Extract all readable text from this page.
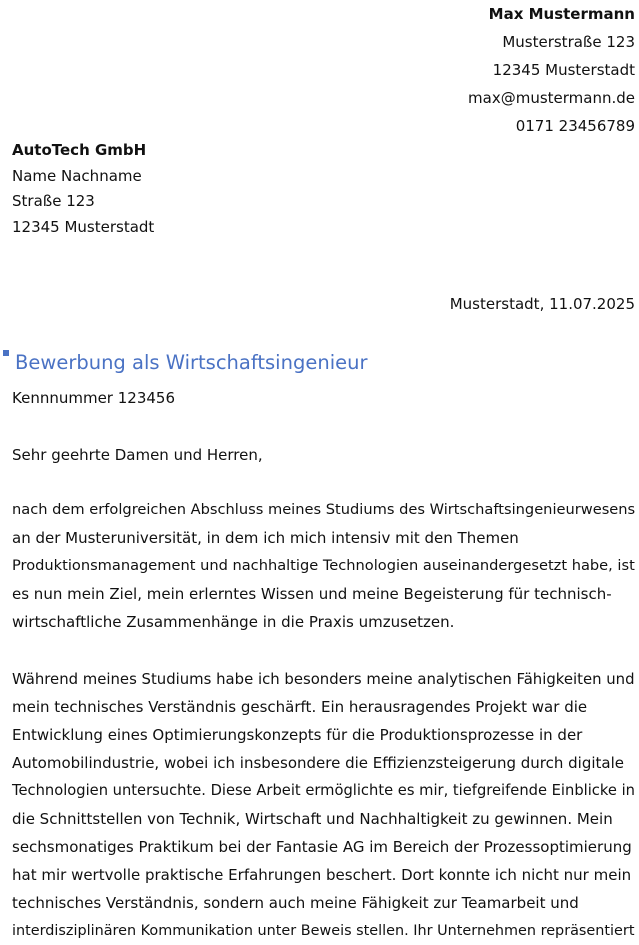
Max Mustermann
Musterstraße 123
12345 Musterstadt
max@mustermann.de
0171 23456789
AutoTech GmbH
Name Nachname
Straße 123
12345 Musterstadt
Musterstadt, 11.07.2025
Bewerbung als Wirtschaftsingenieur
Kennnummer 123456
Sehr geehrte Damen und Herren,
nach dem erfolgreichen Abschluss meines Studiums des Wirtschaftsingenieurwesens
an der Musteruniversität, in dem ich mich intensiv mit den Themen
Produktionsmanagement und nachhaltige Technologien auseinandergesetzt habe, ist
es nun mein Ziel, mein erlerntes Wissen und meine Begeisterung für technisch-
wirtschaftliche Zusammenhänge in die Praxis umzusetzen.
Während meines Studiums habe ich besonders meine analytischen Fähigkeiten und
mein technisches Verständnis geschärft. Ein herausragendes Projekt war die
Entwicklung eines Optimierungskonzepts für die Produktionsprozesse in der
Automobilindustrie, wobei ich insbesondere die Effizienzsteigerung durch digitale
Technologien untersuchte. Diese Arbeit ermöglichte es mir, tiefgreifende Einblicke in
die Schnittstellen von Technik, Wirtschaft und Nachhaltigkeit zu gewinnen. Mein
sechsmonatiges Praktikum bei der Fantasie AG im Bereich der Prozessoptimierung
hat mir wertvolle praktische Erfahrungen beschert. Dort konnte ich nicht nur mein
technisches Verständnis, sondern auch meine Fähigkeit zur Teamarbeit und
interdisziplinären Kommunikation unter Beweis stellen. Ihr Unternehmen repräsentiert
